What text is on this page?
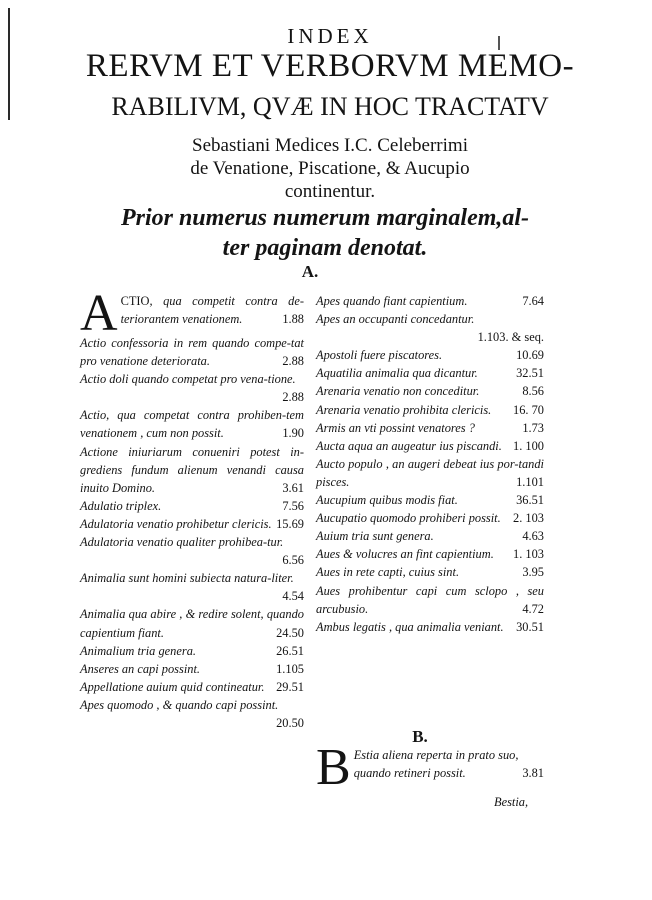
INDEX
RERVM ET VERBORVM MEMO-
RABILIVM, QVÆ IN HOC TRACTATV
Sebastiani Medices I.C. Celeberrimi
de Venatione, Piscatione, & Aucupio
continentur.
Prior numerus numerum marginalem,al-
ter paginam denotat.
A.
ACTIO, qua competit contra de-teriorantem venationem.	1.88
Actio confessoria in rem quando compe-tat pro venatione deteriorata.	2.88
Actio doli quando competat pro vena-tione.
2.88
Actio, qua competat contra prohiben-tem venationem , cum non possit.	1.90
Actione iniuriarum conueniri potest in-grediens fundum alienum venandi causa inuito Domino.	3.61
Adulatio triplex.	7.56
Adulatoria venatio prohibetur clericis. 15.69
Adulatoria venatio qualiter prohibea-tur.
6.56
Animalia sunt homini subiecta natura-liter.
4.54
Animalia qua abire , & redire solent, quando capientium fiant.	24.50
Animalium tria genera.	26.51
Anseres an capi possint.	1.105
Appellatione auium quid contineatur. 29.51
Apes quomodo , & quando capi possint.
20.50
Apes quando fiant capientium.	7.64
Apes an occupanti concedantur.
1.103. & seq.
Apostoli fuere piscatores.	10.69
Aquatilia animalia qua dicantur.	32.51
Arenaria venatio non conceditur.	8.56
Arenaria venatio prohibita clericis.	16. 70
Armis an vti possint venatores ?	1.73
Aucta aqua an augeatur ius piscandi. 1. 100
Aucto populo , an augeri debeat ius por-tandi pisces.	1.101
Aucupium quibus modis fiat.	36.51
Aucupatio quomodo prohiberi possit. 2. 103
Auium tria sunt genera.	4.63
Aues & volucres an fint capientium.	1. 103
Aues in rete capti, cuius sint.	3.95
Aues prohibentur capi cum sclopo , seu arcubusio.	4.72
Ambus legatis , qua animalia veniant.	30.51
B.
B Estia aliena reperta in prato suo, quando retineri possit.	3.81
Bestia,
